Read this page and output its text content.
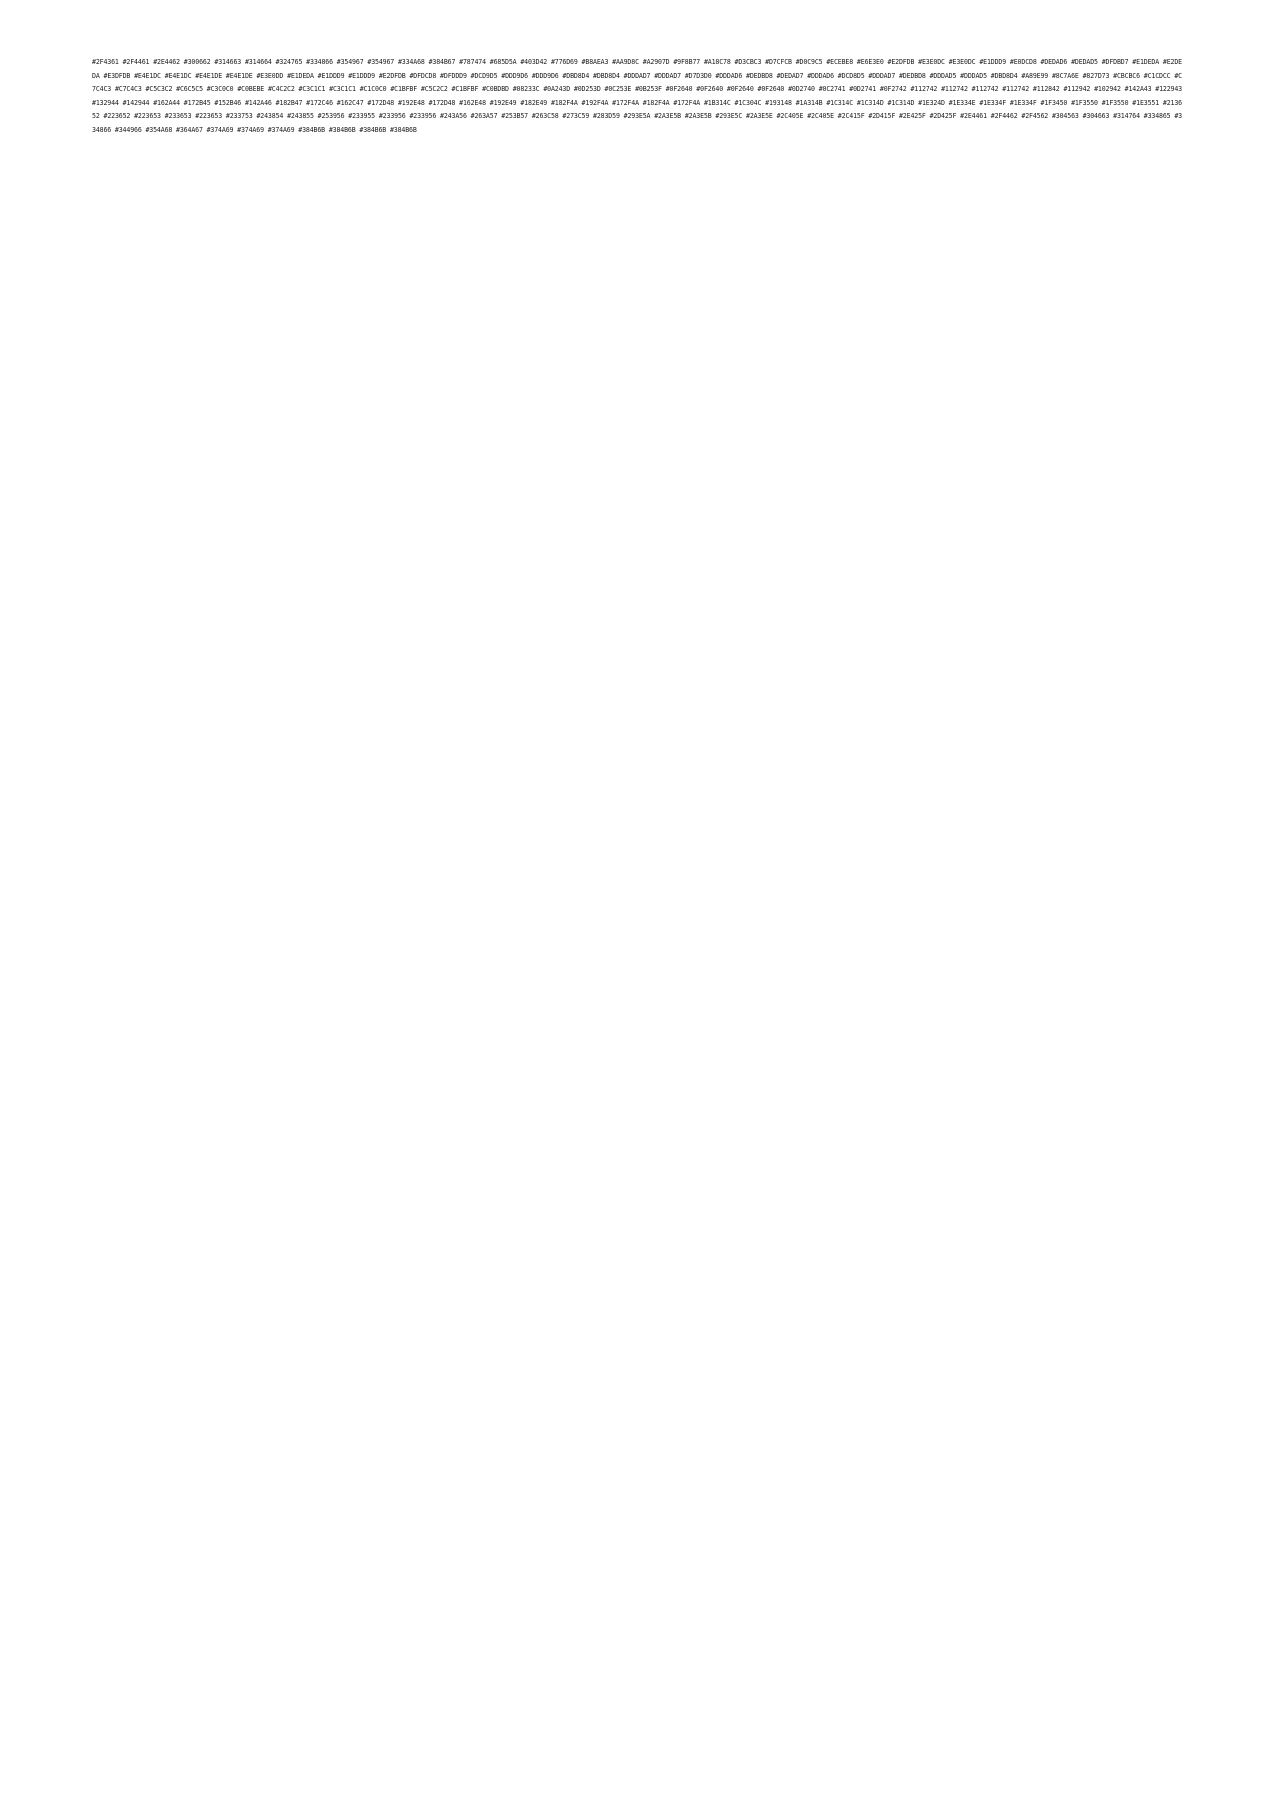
#2F4361 #2F4461 #2E4462 #300662 #314663 #314664 #324765 #334866 #354967 #354967 #334A68 #384B67 #787474 #685D5A #403D42 #776D69 #B8AEA3 #AA9D8C #A2907D #9F8B77 #A18C78 #D3CBC3 #D7CFCB #D0C9C5 #ECEBE8 #E6E3E0 #E2DFDB #E3E0DC #E3E0DC #E1DDD9 #E0DCD8 #DEDAD6 #DEDAD5 #DFDBD7 #E1DEDA #E2DEDA #E3DFDB #E4E1DC #E4E1DC #E4E1DE #E4E1DE #E3E0DD #E1DEDA #E1DDD9 #E1DDD9 #E2DFDB #DFDCD8 #DFDDD9 #DCD9D5 #DDD9D6 #DDD9D6 #DBD8D4 #DBD8D4 #DDDAD7 #DDDAD7 #D7D3D0 #DDDAD6 #DEDBD8 #DEDAD7 #DDDAD6 #DCD8D5 #DDDAD7 #DEDBD8 #DDDAD5 #DDDAD5 #DBD8D4 #A89E99 #8C7A6E #827D73 #CBCBC6 #C1CDCC #C7C4C3 #C7C4C3 #C5C3C2 #C6C5C5 #C3C0C0 #C0BEBE #C4C2C2 #C3C1C1 #C3C1C1 #C1C0C0 #C1BFBF #C5C2C2 #C1BFBF #C0BDBD #08233C #0A243D #0D253D #0C253E #0B253F #0F2640 #0F2640 #0F2640 #0F2640 #0D2740 #0C2741 #0D2741 #0F2742 #112742 #112742 #112742 #112742 #112842 #112942 #102942 #142A43 #122943 #132944 #142944 #162A44 #172B45 #152B46 #142A46 #182B47 #172C46 #162C47 #172D48 #192E48 #172D48 #162E48 #192E49 #182E49 #182F4A #192F4A #172F4A #182F4A #172F4A #1B314C #1C304C #193148 #1A314B #1C314C #1C314D #1C314D #1E324D #1E334E #1E334F #1E334F #1F3450 #1F3550 #1F3550 #1E3551 #213652 #223652 #223653 #233653 #223653 #233753 #243854 #243855 #253956 #233955 #233956 #233956 #243A56 #263A57 #253B57 #263C58 #273C59 #283D59 #293E5A #2A3E5B #2A3E5B #293E5C #2A3E5E #2C405E #2C405E #2C415F #2D415F #2E425F #2D425F #2E4461 #2F4462 #2F4562 #304563 #304663 #314764 #334865 #334866 #344966 #354A68 #364A67 #374A69 #374A69 #374A69 #384B6B #384B6B #384B6B #384B6B
